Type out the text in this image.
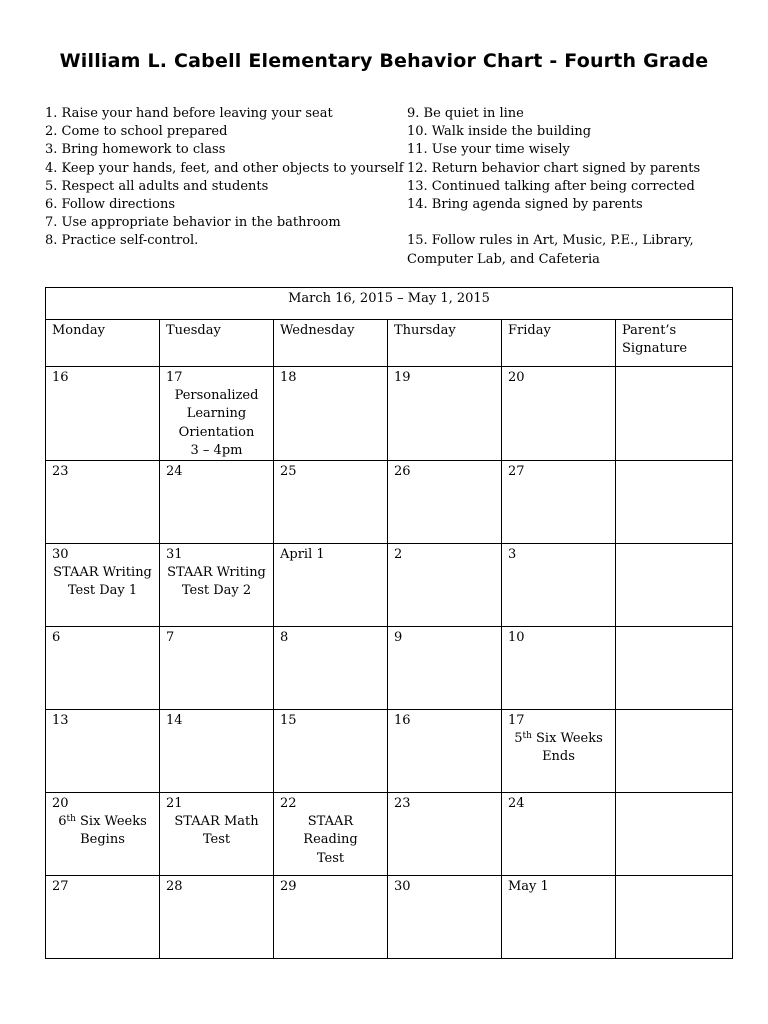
William L. Cabell Elementary Behavior Chart - Fourth Grade
1. Raise your hand before leaving your seat
2. Come to school prepared
3. Bring homework to class
4. Keep your hands, feet, and other objects to yourself
5. Respect all adults and students
6. Follow directions
7. Use appropriate behavior in the bathroom
8. Practice self-control.
9. Be quiet in line
10. Walk inside the building
11. Use your time wisely
12. Return behavior chart signed by parents
13. Continued talking after being corrected
14. Bring agenda signed by parents
15. Follow rules in Art, Music, P.E., Library, Computer Lab, and Cafeteria
March 16, 2015 – May 1, 2015					
Monday	Tuesday	Wednesday	Thursday	Friday	Parent’s Signature

16	17
Personalized
Learning
Orientation
3 – 4pm	18	19	20	

23	24	25	26	27	

30
STAAR Writing
Test Day 1	31
STAAR Writing
Test Day 2	April 1	2	3	

6	7	8	9	10	

13	14	15	16	17
5th Six Weeks
Ends	

20
6th Six Weeks
Begins	21
STAAR Math
Test	22
STAAR Reading
Test	23	24	

27	28	29	30	May 1	
